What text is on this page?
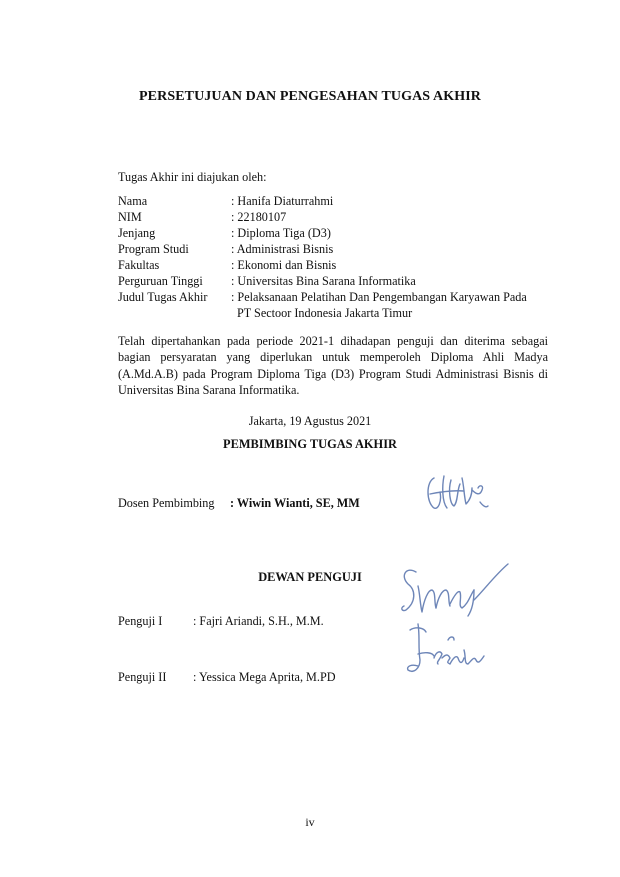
PERSETUJUAN DAN PENGESAHAN TUGAS AKHIR
Tugas Akhir ini diajukan oleh:
Nama	: Hanifa Diaturrahmi
NIM	: 22180107
Jenjang	: Diploma Tiga (D3)
Program Studi	: Administrasi Bisnis
Fakultas	: Ekonomi dan Bisnis
Perguruan Tinggi : Universitas Bina Sarana Informatika
Judul Tugas Akhir : Pelaksanaan Pelatihan Dan Pengembangan Karyawan Pada
PT Sectoor Indonesia Jakarta Timur
Telah dipertahankan pada periode 2021-1 dihadapan penguji dan diterima sebagai bagian persyaratan yang diperlukan untuk memperoleh Diploma Ahli Madya (A.Md.A.B) pada Program Diploma Tiga (D3) Program Studi Administrasi Bisnis di Universitas Bina Sarana Informatika.
Jakarta, 19 Agustus 2021
PEMBIMBING TUGAS AKHIR
Dosen Pembimbing : Wiwin Wianti, SE, MM
DEWAN PENGUJI
Penguji I	: Fajri Ariandi, S.H., M.M.
Penguji II : Yessica Mega Aprita, M.PD
iv
